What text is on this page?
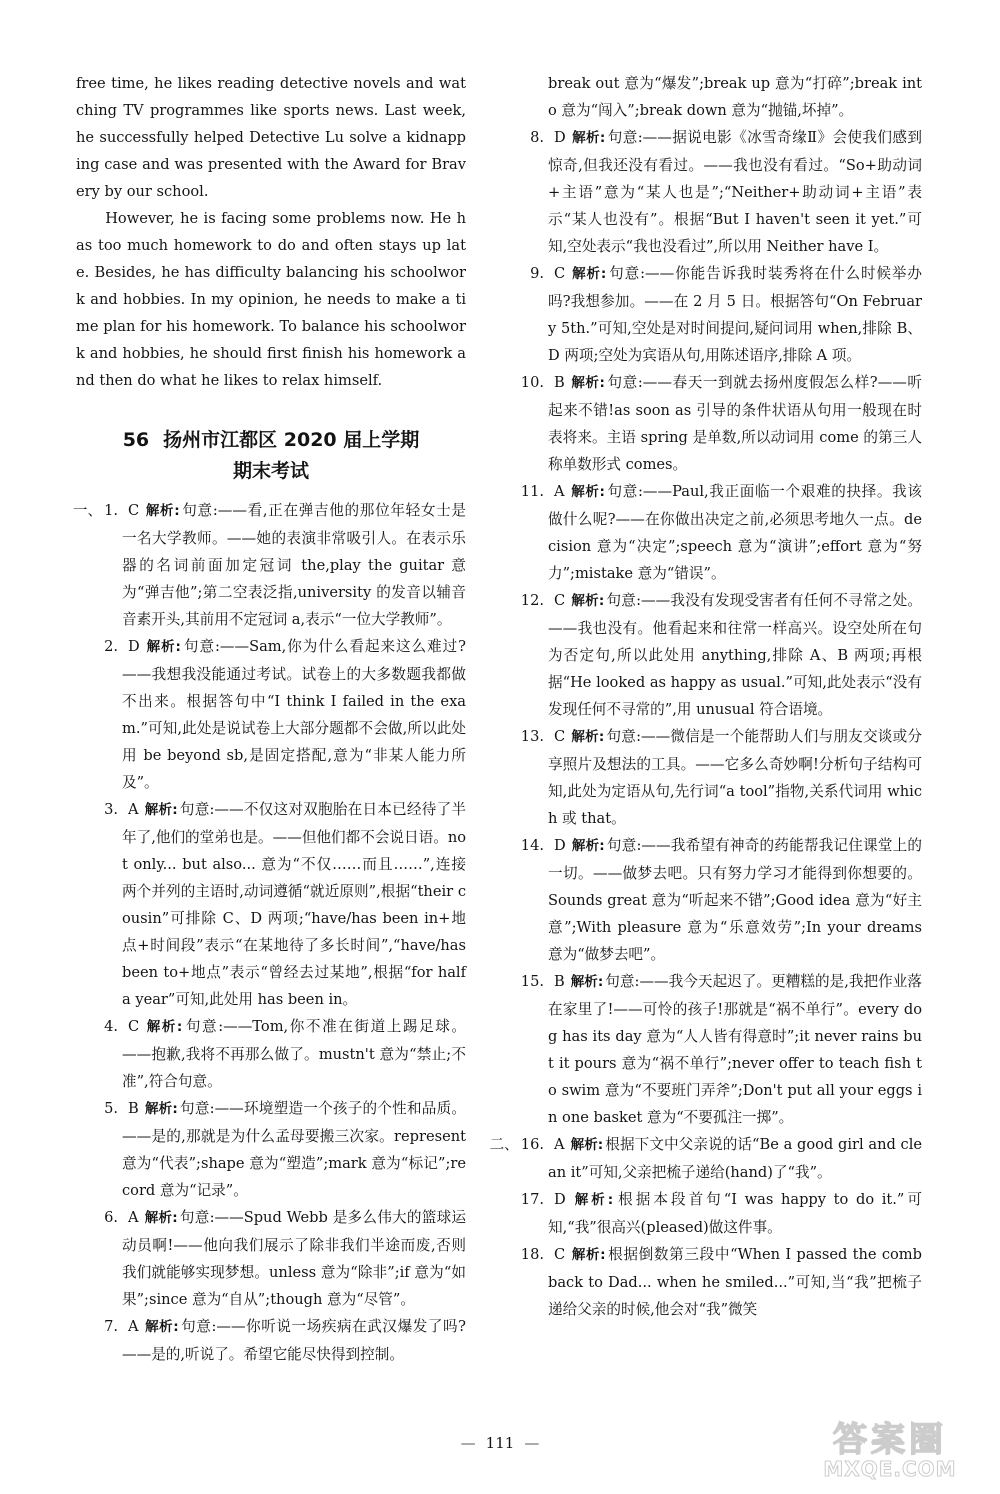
free time, he likes reading detective novels and watching TV programmes like sports news. Last week, he successfully helped Detective Lu solve a kidnapping case and was presented with the Award for Bravery by our school.

However, he is facing some problems now. He has too much homework to do and often stays up late. Besides, he has difficulty balancing his schoolwork and hobbies. In my opinion, he needs to make a time plan for his homework. To balance his schoolwork and hobbies, he should first finish his homework and then do what he likes to relax himself.

56 扬州市江都区 2020 届上学期
期末考试
一、 1. C 解析: 句意:——看,正在弹吉他的那位年轻女士是一名大学教师。——她的表演非常吸引人。在表示乐器的名词前面加定冠词 the,play the guitar 意为“弹吉他”;第二空表泛指,university 的发音以辅音音素开头,其前用不定冠词 a,表示“一位大学教师”。

2. D 解析: 句意:——Sam,你为什么看起来这么难过?——我想我没能通过考试。试卷上的大多数题我都做不出来。根据答句中“I think I failed in the exam.”可知,此处是说试卷上大部分题都不会做,所以此处用 be beyond sb,是固定搭配,意为“非某人能力所及”。

3. A 解析: 句意:——不仅这对双胞胎在日本已经待了半年了,他们的堂弟也是。——但他们都不会说日语。not only... but also... 意为“不仅……而且……”,连接两个并列的主语时,动词遵循“就近原则”,根据“their cousin”可排除 C、D 两项;“have/has been in+地点+时间段”表示“在某地待了多长时间”,“have/has been to+地点”表示“曾经去过某地”,根据“for half a year”可知,此处用 has been in。

4. C 解析: 句意:——Tom,你不准在街道上踢足球。——抱歉,我将不再那么做了。mustn't 意为“禁止;不准”,符合句意。

5. B 解析: 句意:——环境塑造一个孩子的个性和品质。——是的,那就是为什么孟母要搬三次家。represent 意为“代表”;shape 意为“塑造”;mark 意为“标记”;record 意为“记录”。

6. A 解析: 句意:——Spud Webb 是多么伟大的篮球运动员啊!——他向我们展示了除非我们半途而废,否则我们就能够实现梦想。unless 意为“除非”;if 意为“如果”;since 意为“自从”;though 意为“尽管”。

7. A 解析: 句意:——你听说一场疾病在武汉爆发了吗?——是的,听说了。希望它能尽快得到控制。

break out 意为“爆发”;break up 意为“打碎”;break into 意为“闯入”;break down 意为“抛锚,坏掉”。

8. D 解析: 句意:——据说电影《冰雪奇缘Ⅱ》会使我们感到惊奇,但我还没有看过。——我也没有看过。“So+助动词+主语”意为“某人也是”;“Neither+助动词+主语”表示“某人也没有”。根据“But I haven't seen it yet.”可知,空处表示“我也没看过”,所以用 Neither have I。

9. C 解析: 句意:——你能告诉我时装秀将在什么时候举办吗?我想参加。——在 2 月 5 日。根据答句“On February 5th.”可知,空处是对时间提问,疑问词用 when,排除 B、D 两项;空处为宾语从句,用陈述语序,排除 A 项。

10. B 解析: 句意:——春天一到就去扬州度假怎么样?——听起来不错!as soon as 引导的条件状语从句用一般现在时表将来。主语 spring 是单数,所以动词用 come 的第三人称单数形式 comes。

11. A 解析: 句意:——Paul,我正面临一个艰难的抉择。我该做什么呢?——在你做出决定之前,必须思考地久一点。decision 意为“决定”;speech 意为“演讲”;effort 意为“努力”;mistake 意为“错误”。

12. C 解析: 句意:——我没有发现受害者有任何不寻常之处。——我也没有。他看起来和往常一样高兴。设空处所在句为否定句,所以此处用 anything,排除 A、B 两项;再根据“He looked as happy as usual.”可知,此处表示“没有发现任何不寻常的”,用 unusual 符合语境。

13. C 解析: 句意:——微信是一个能帮助人们与朋友交谈或分享照片及想法的工具。——它多么奇妙啊!分析句子结构可知,此处为定语从句,先行词“a tool”指物,关系代词用 which 或 that。

14. D 解析: 句意:——我希望有神奇的药能帮我记住课堂上的一切。——做梦去吧。只有努力学习才能得到你想要的。Sounds great 意为“听起来不错”;Good idea 意为“好主意”;With pleasure 意为“乐意效劳”;In your dreams 意为“做梦去吧”。

15. B 解析: 句意:——我今天起迟了。更糟糕的是,我把作业落在家里了!——可怜的孩子!那就是“祸不单行”。every dog has its day 意为“人人皆有得意时”;it never rains but it pours 意为“祸不单行”;never offer to teach fish to swim 意为“不要班门弄斧”;Don't put all your eggs in one basket 意为“不要孤注一掷”。

二、 16. A 解析: 根据下文中父亲说的话“Be a good girl and clean it”可知,父亲把梳子递给(hand)了“我”。

17. D 解析: 根据本段首句“I was happy to do it.”可知,“我”很高兴(pleased)做这件事。

18. C 解析: 根据倒数第三段中“When I passed the comb back to Dad... when he smiled...”可知,当“我”把梳子递给父亲的时候,他会对“我”微笑

— 111 —	答案圈
MXQE.COM
